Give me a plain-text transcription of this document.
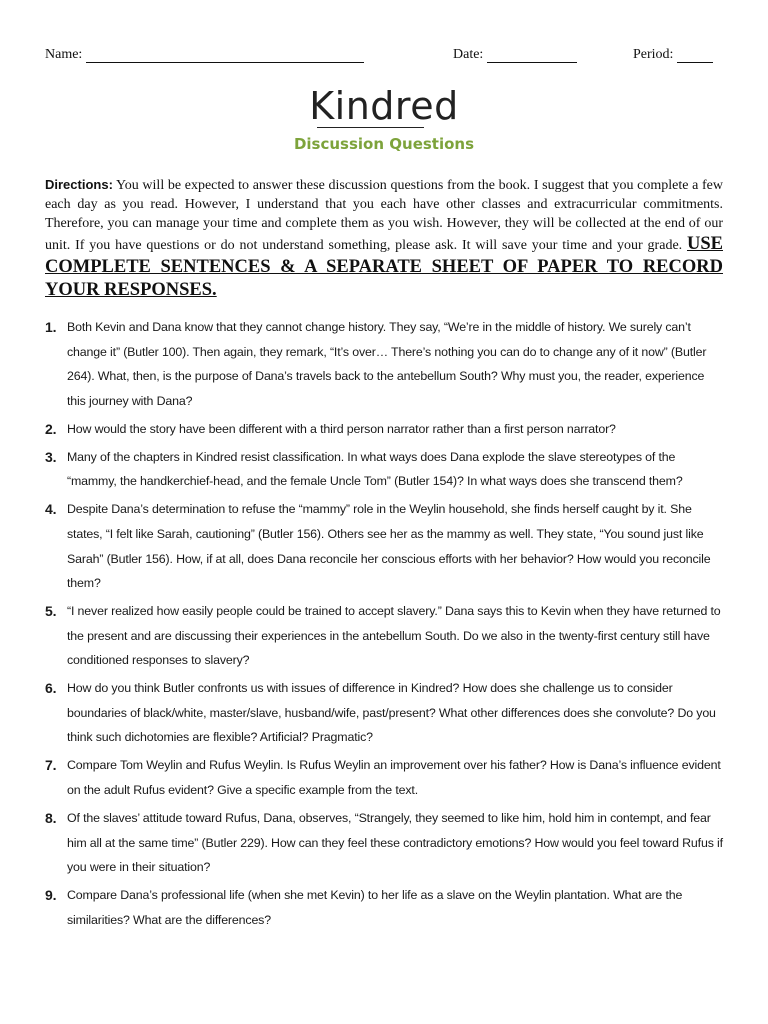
Name:	Date:	Period:
Kindred
Discussion Questions
Directions: You will be expected to answer these discussion questions from the book. I suggest that you complete a few each day as you read. However, I understand that you each have other classes and extracurricular commitments. Therefore, you can manage your time and complete them as you wish. However, they will be collected at the end of our unit. If you have questions or do not understand something, please ask. It will save your time and your grade. USE COMPLETE SENTENCES & A SEPARATE SHEET OF PAPER TO RECORD YOUR RESPONSES.
1. Both Kevin and Dana know that they cannot change history. They say, “We’re in the middle of history. We surely can’t change it” (Butler 100). Then again, they remark, “It’s over… There’s nothing you can do to change any of it now” (Butler 264). What, then, is the purpose of Dana’s travels back to the antebellum South? Why must you, the reader, experience this journey with Dana?
2. How would the story have been different with a third person narrator rather than a first person narrator?
3. Many of the chapters in Kindred resist classification. In what ways does Dana explode the slave stereotypes of the “mammy, the handkerchief-head, and the female Uncle Tom” (Butler 154)? In what ways does she transcend them?
4. Despite Dana’s determination to refuse the “mammy” role in the Weylin household, she finds herself caught by it. She states, “I felt like Sarah, cautioning” (Butler 156). Others see her as the mammy as well. They state, “You sound just like Sarah” (Butler 156). How, if at all, does Dana reconcile her conscious efforts with her behavior? How would you reconcile them?
5. “I never realized how easily people could be trained to accept slavery.” Dana says this to Kevin when they have returned to the present and are discussing their experiences in the antebellum South. Do we also in the twenty-first century still have conditioned responses to slavery?
6. How do you think Butler confronts us with issues of difference in Kindred? How does she challenge us to consider boundaries of black/white, master/slave, husband/wife, past/present? What other differences does she convolute? Do you think such dichotomies are flexible? Artificial? Pragmatic?
7. Compare Tom Weylin and Rufus Weylin. Is Rufus Weylin an improvement over his father? How is Dana’s influence evident on the adult Rufus evident? Give a specific example from the text.
8. Of the slaves’ attitude toward Rufus, Dana, observes, “Strangely, they seemed to like him, hold him in contempt, and fear him all at the same time” (Butler 229). How can they feel these contradictory emotions? How would you feel toward Rufus if you were in their situation?
9. Compare Dana’s professional life (when she met Kevin) to her life as a slave on the Weylin plantation. What are the similarities? What are the differences?
